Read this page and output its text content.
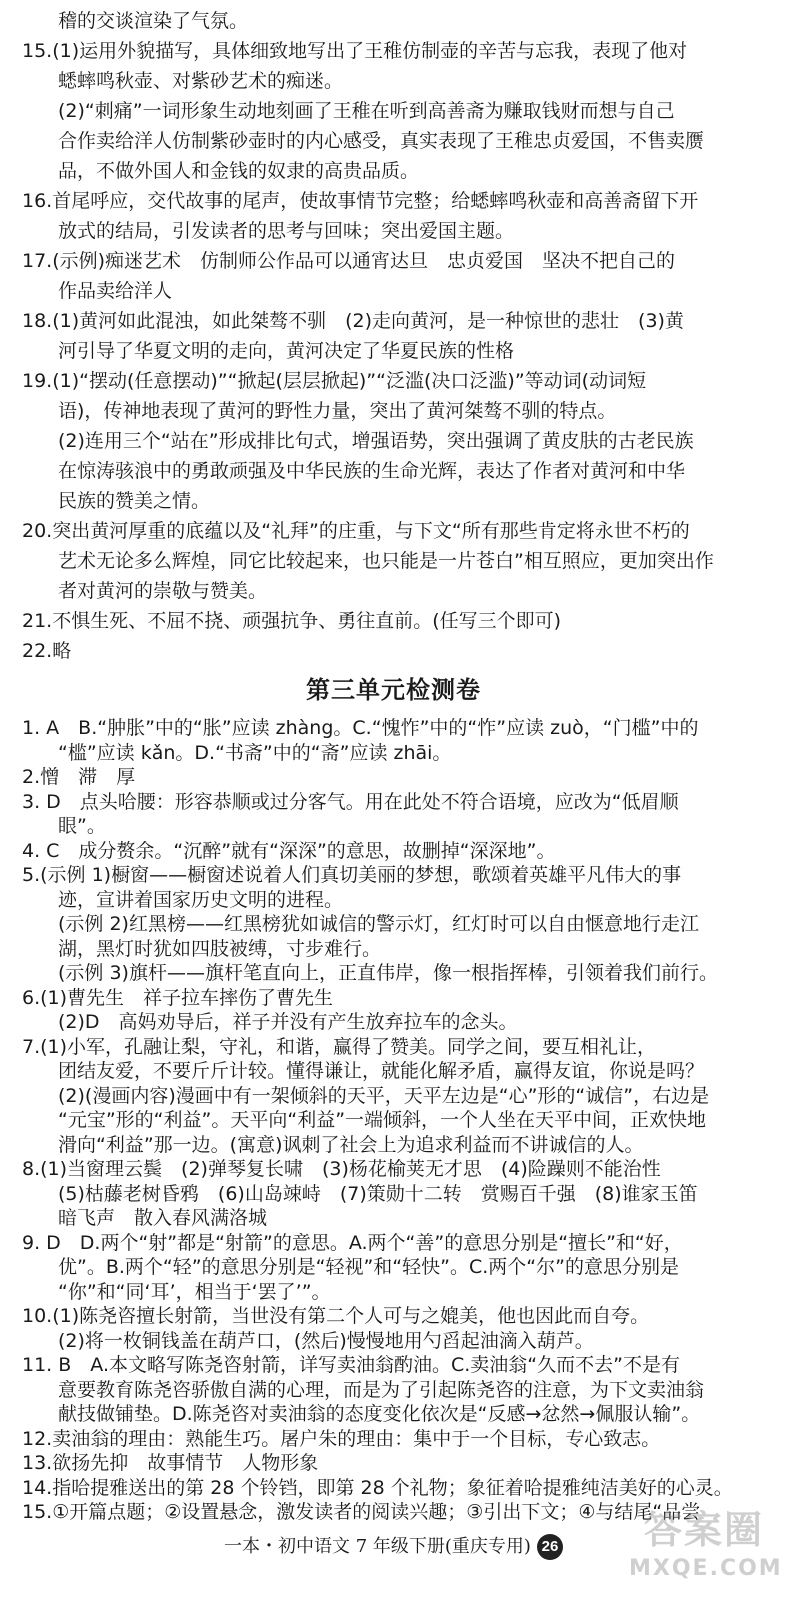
稽的交谈渲染了气氛。
15.(1)运用外貌描写，具体细致地写出了王稚仿制壶的辛苦与忘我，表现了他对
蟋蟀鸣秋壶、对紫砂艺术的痴迷。
(2)“刺痛”一词形象生动地刻画了王稚在听到高善斋为赚取钱财而想与自己
合作卖给洋人仿制紫砂壶时的内心感受，真实表现了王稚忠贞爱国，不售卖赝
品，不做外国人和金钱的奴隶的高贵品质。
16.首尾呼应，交代故事的尾声，使故事情节完整；给蟋蟀鸣秋壶和高善斋留下开
放式的结局，引发读者的思考与回味；突出爱国主题。
17.(示例)痴迷艺术　仿制师公作品可以通宵达旦　忠贞爱国　坚决不把自己的
作品卖给洋人
18.(1)黄河如此混浊，如此桀骜不驯　(2)走向黄河，是一种惊世的悲壮　(3)黄
河引导了华夏文明的走向，黄河决定了华夏民族的性格
19.(1)“摆动(任意摆动)”“掀起(层层掀起)”“泛滥(决口泛滥)”等动词(动词短
语)，传神地表现了黄河的野性力量，突出了黄河桀骜不驯的特点。
(2)连用三个“站在”形成排比句式，增强语势，突出强调了黄皮肤的古老民族
在惊涛骇浪中的勇敢顽强及中华民族的生命光辉，表达了作者对黄河和中华
民族的赞美之情。
20.突出黄河厚重的底蕴以及“礼拜”的庄重，与下文“所有那些肯定将永世不朽的
艺术无论多么辉煌，同它比较起来，也只能是一片苍白”相互照应，更加突出作
者对黄河的崇敬与赞美。
21.不惧生死、不屈不挠、顽强抗争、勇往直前。(任写三个即可)
22.略
第三单元检测卷
1. A　B.“肿胀”中的“胀”应读 zhàng。C.“愧怍”中的“怍”应读 zuò，“门槛”中的
“槛”应读 kǎn。D.“书斋”中的“斋”应读 zhāi。
2.憎　滞　厚
3. D　点头哈腰：形容恭顺或过分客气。用在此处不符合语境，应改为“低眉顺
眼”。
4. C　成分赘余。“沉醉”就有“深深”的意思，故删掉“深深地”。
5.(示例 1)橱窗——橱窗述说着人们真切美丽的梦想，歌颂着英雄平凡伟大的事
迹，宣讲着国家历史文明的进程。
(示例 2)红黑榜——红黑榜犹如诚信的警示灯，红灯时可以自由惬意地行走江
湖，黑灯时犹如四肢被缚，寸步难行。
(示例 3)旗杆——旗杆笔直向上，正直伟岸，像一根指挥棒，引领着我们前行。
6.(1)曹先生　祥子拉车摔伤了曹先生
(2)D　高妈劝导后，祥子并没有产生放弃拉车的念头。
7.(1)小军，孔融让梨，守礼，和谐，赢得了赞美。同学之间，要互相礼让，
团结友爱，不要斤斤计较。懂得谦让，就能化解矛盾，赢得友谊，你说是吗？
(2)(漫画内容)漫画中有一架倾斜的天平，天平左边是“心”形的“诚信”，右边是
“元宝”形的“利益”。天平向“利益”一端倾斜，一个人坐在天平中间，正欢快地
滑向“利益”那一边。(寓意)讽刺了社会上为追求利益而不讲诚信的人。
8.(1)当窗理云鬓　(2)弹琴复长啸　(3)杨花榆荚无才思　(4)险躁则不能治性
(5)枯藤老树昏鸦　(6)山岛竦峙　(7)策勋十二转　赏赐百千强　(8)谁家玉笛
暗飞声　散入春风满洛城
9. D　D.两个“射”都是“射箭”的意思。A.两个“善”的意思分别是“擅长”和“好，
优”。B.两个“轻”的意思分别是“轻视”和“轻快”。C.两个“尔”的意思分别是
“你”和“同‘耳’，相当于‘罢了’”。
10.(1)陈尧咨擅长射箭，当世没有第二个人可与之媲美，他也因此而自夸。
(2)将一枚铜钱盖在葫芦口，(然后)慢慢地用勺舀起油滴入葫芦。
11. B　A.本文略写陈尧咨射箭，详写卖油翁酌油。C.卖油翁“久而不去”不是有
意要教育陈尧咨骄傲自满的心理，而是为了引起陈尧咨的注意，为下文卖油翁
献技做铺垫。D.陈尧咨对卖油翁的态度变化依次是“反感→忿然→佩服认输”。
12.卖油翁的理由：熟能生巧。屠户朱的理由：集中于一个目标，专心致志。
13.欲扬先抑　故事情节　人物形象
14.指哈提雅送出的第 28 个铃铛，即第 28 个礼物；象征着哈提雅纯洁美好的心灵。
15.①开篇点题；②设置悬念，激发读者的阅读兴趣；③引出下文；④与结尾“品尝
一本・初中语文 7 年级下册(重庆专用) 26	答案圈
MXQE.COM
